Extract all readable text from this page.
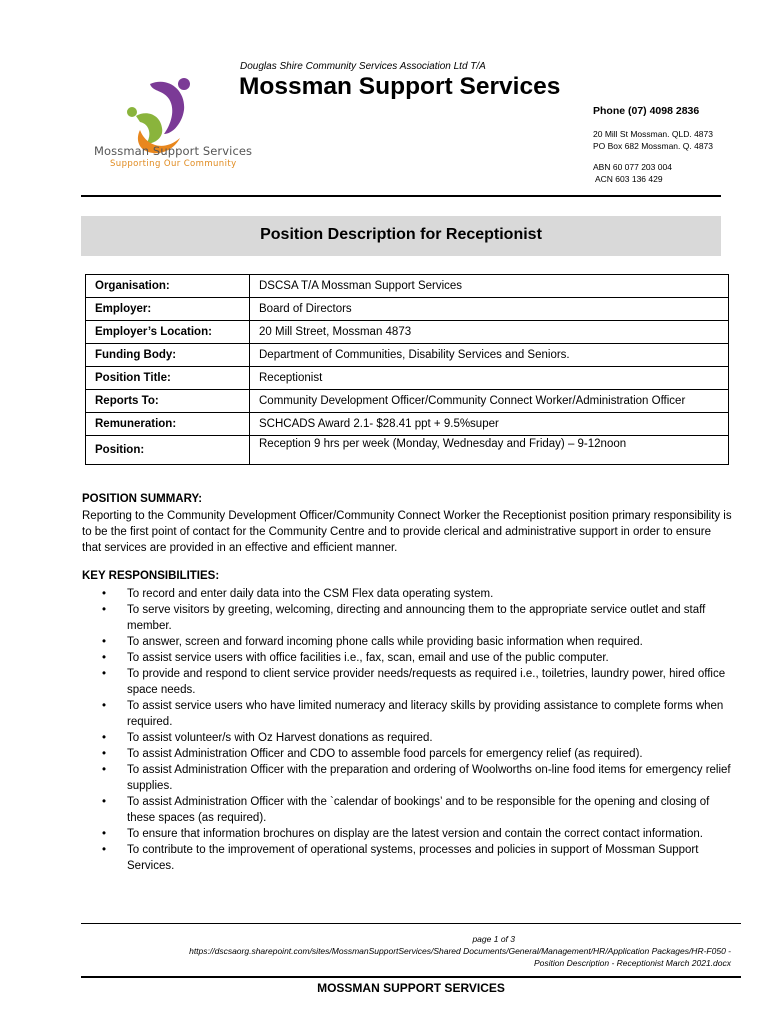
Mossman Support Services
Supporting Our Community
Douglas Shire Community Services Association Ltd T/A
Mossman Support Services
Phone (07) 4098 2836
20 Mill St Mossman. QLD. 4873
PO Box 682 Mossman. Q. 4873
ABN 60 077 203 004
ACN 603 136 429
Position Description for Receptionist
Organisation:	DSCSA T/A Mossman Support Services
Employer:	Board of Directors
Employer’s Location:	20 Mill Street, Mossman 4873
Funding Body:	Department of Communities, Disability Services and Seniors.
Position Title:	Receptionist
Reports To:	Community Development Officer/Community Connect Worker/Administration Officer
Remuneration:	SCHCADS Award 2.1- $28.41 ppt + 9.5%super
Position:	Reception 9 hrs per week (Monday, Wednesday and Friday) – 9-12noon
POSITION SUMMARY:
Reporting to the Community Development Officer/Community Connect Worker the Receptionist position primary responsibility is to be the first point of contact for the Community Centre and to provide clerical and administrative support in order to ensure that services are provided in an effective and efficient manner.
KEY RESPONSIBILITIES:
• To record and enter daily data into the CSM Flex data operating system.
• To serve visitors by greeting, welcoming, directing and announcing them to the appropriate service outlet and staff member.
• To answer, screen and forward incoming phone calls while providing basic information when required.
• To assist service users with office facilities i.e., fax, scan, email and use of the public computer.
• To provide and respond to client service provider needs/requests as required i.e., toiletries, laundry power, hired office space needs.
• To assist service users who have limited numeracy and literacy skills by providing assistance to complete forms when required.
• To assist volunteer/s with Oz Harvest donations as required.
• To assist Administration Officer and CDO to assemble food parcels for emergency relief (as required).
• To assist Administration Officer with the preparation and ordering of Woolworths on-line food items for emergency relief supplies.
• To assist Administration Officer with the `calendar of bookings’ and to be responsible for the opening and closing of these spaces (as required).
• To ensure that information brochures on display are the latest version and contain the correct contact information.
• To contribute to the improvement of operational systems, processes and policies in support of Mossman Support Services.
page 1 of 3
https://dscsaorg.sharepoint.com/sites/MossmanSupportServices/Shared Documents/General/Management/HR/Application Packages/HR-F050 -
Position Description - Receptionist March 2021.docx
MOSSMAN SUPPORT SERVICES
